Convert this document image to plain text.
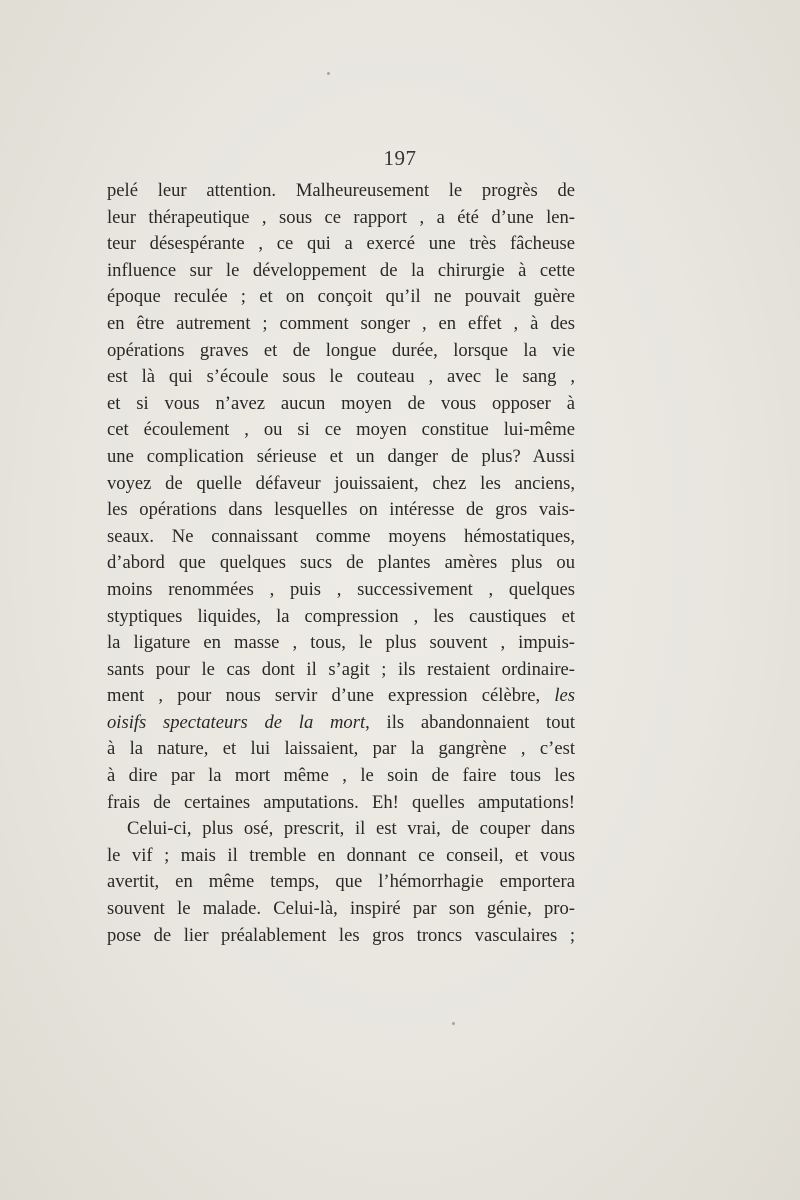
197
pelé leur attention. Malheureusement le progrès de
leur thérapeutique , sous ce rapport , a été d’une len-
teur désespérante , ce qui a exercé une très fâcheuse
influence sur le développement de la chirurgie à cette
époque reculée ; et on conçoit qu’il ne pouvait guère
en être autrement ; comment songer , en effet , à des
opérations graves et de longue durée, lorsque la vie
est là qui s’écoule sous le couteau , avec le sang ,
et si vous n’avez aucun moyen de vous opposer à
cet écoulement , ou si ce moyen constitue lui-même
une complication sérieuse et un danger de plus? Aussi
voyez de quelle défaveur jouissaient, chez les anciens,
les opérations dans lesquelles on intéresse de gros vais-
seaux. Ne connaissant comme moyens hémostatiques,
d’abord que quelques sucs de plantes amères plus ou
moins renommées , puis , successivement , quelques
styptiques liquides, la compression , les caustiques et
la ligature en masse , tous, le plus souvent , impuis-
sants pour le cas dont il s’agit ; ils restaient ordinaire-
ment , pour nous servir d’une expression célèbre, les
oisifs spectateurs de la mort, ils abandonnaient tout
à la nature, et lui laissaient, par la gangrène , c’est
à dire par la mort même , le soin de faire tous les
frais de certaines amputations. Eh! quelles amputations!
Celui-ci, plus osé, prescrit, il est vrai, de couper dans
le vif ; mais il tremble en donnant ce conseil, et vous
avertit, en même temps, que l’hémorrhagie emportera
souvent le malade. Celui-là, inspiré par son génie, pro-
pose de lier préalablement les gros troncs vasculaires ;
